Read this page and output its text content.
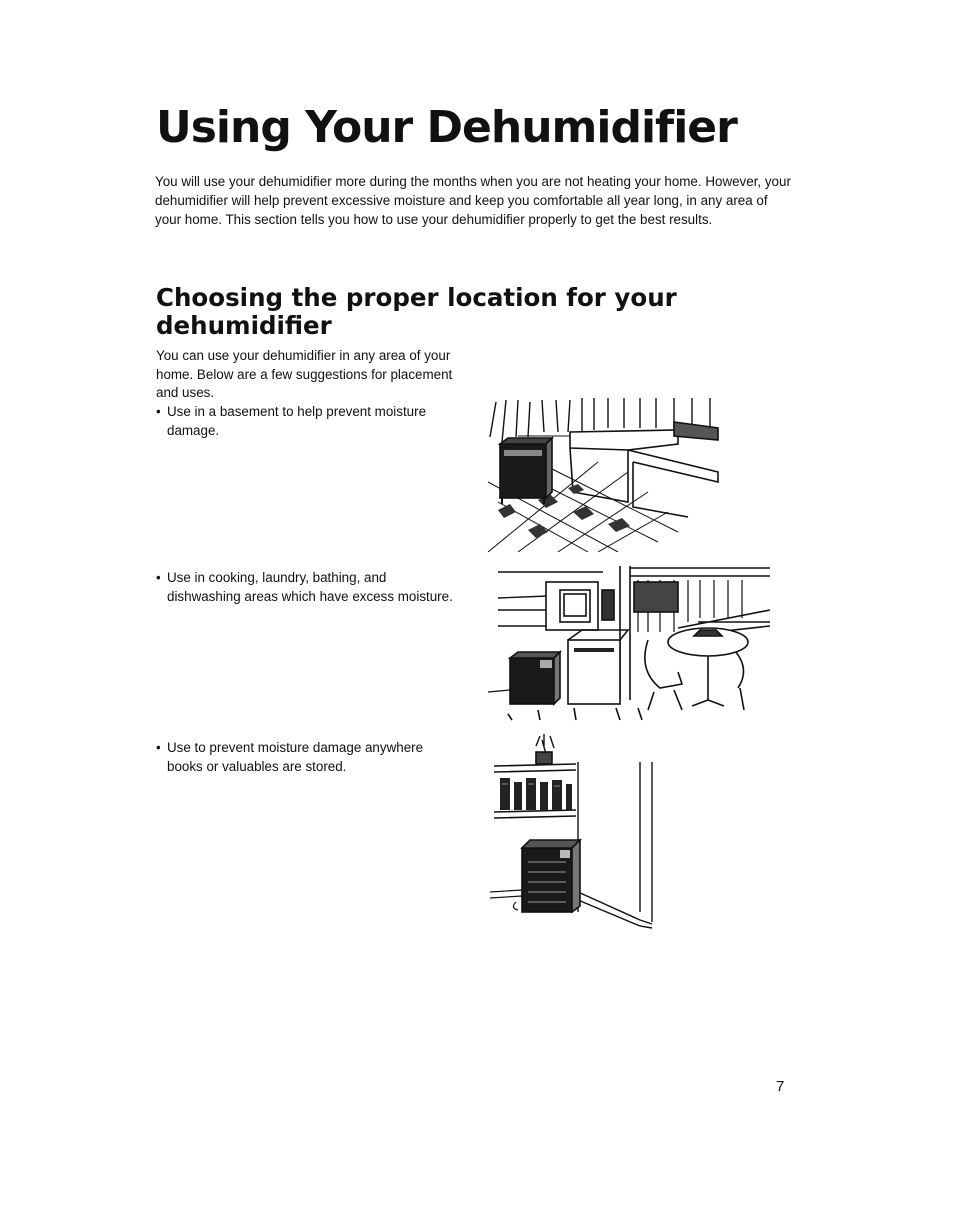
Using Your Dehumidifier

You will use your dehumidifier more during the months when you are not heating your home. However, your dehumidifier will help prevent excessive moisture and keep you comfortable all year long, in any area of your home. This section tells you how to use your dehumidifier properly to get the best results.

Choosing the proper location for your dehumidifier

You can use your dehumidifier in any area of your home. Below are a few suggestions for placement and uses.

• Use in a basement to help prevent moisture damage.

• Use in cooking, laundry, bathing, and dishwashing areas which have excess moisture.

• Use to prevent moisture damage anywhere books or valuables are stored.

7
